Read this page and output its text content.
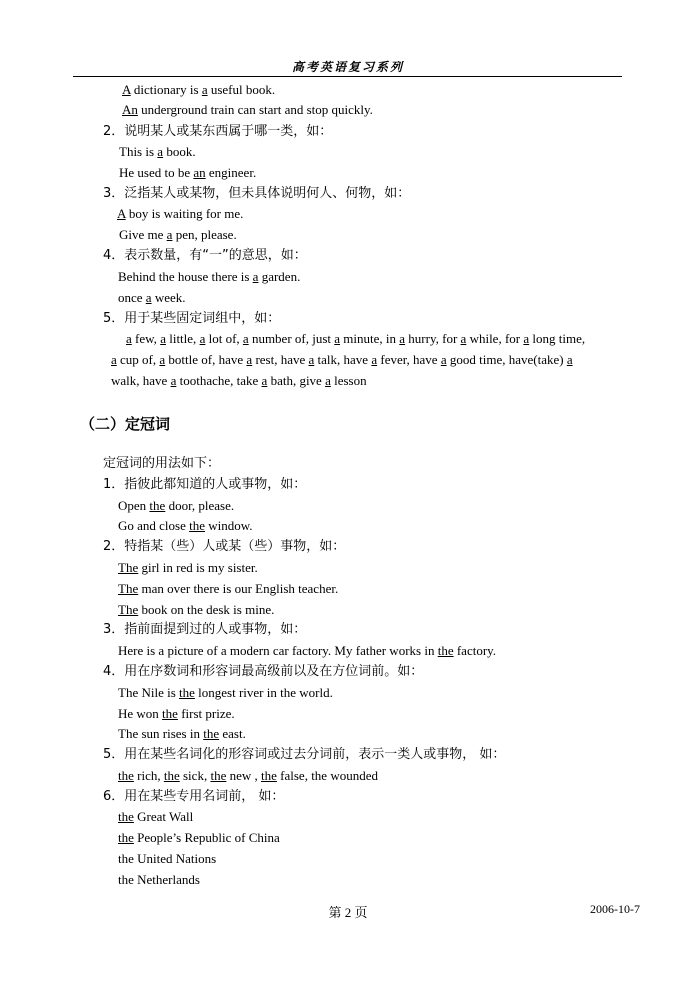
高考英语复习系列
A dictionary is a useful book.
An underground train can start and stop quickly.
2．说明某人或某东西属于哪一类，如：
This is a book.
He used to be an engineer.
3．泛指某人或某物，但未具体说明何人、何物，如：
A boy is waiting for me.
Give me a pen, please.
4．表示数量，有“一”的意思，如：
Behind the house there is a garden.
once a week.
5．用于某些固定词组中，如：
a few, a little, a lot of, a number of, just a minute, in a hurry, for a while, for a long time,
a cup of, a bottle of, have a rest, have a talk, have a fever, have a good time, have(take) a
walk, have a toothache, take a bath, give a lesson
（二）定冠词
定冠词的用法如下：
1．指彼此都知道的人或事物，如：
Open the door, please.
Go and close the window.
2．特指某（些）人或某（些）事物，如：
The girl in red is my sister.
The man over there is our English teacher.
The book on the desk is mine.
3．指前面提到过的人或事物，如：
Here is a picture of a modern car factory. My father works in the factory.
4．用在序数词和形容词最高级前以及在方位词前。如：
The Nile is the longest river in the world.
He won the first prize.
The sun rises in the east.
5．用在某些名词化的形容词或过去分词前，表示一类人或事物， 如：
the rich, the sick, the new , the false, the wounded
6．用在某些专用名词前， 如：
the Great Wall
the People’s Republic of China
the United Nations
the Netherlands
第 2 页	2006-10-7
